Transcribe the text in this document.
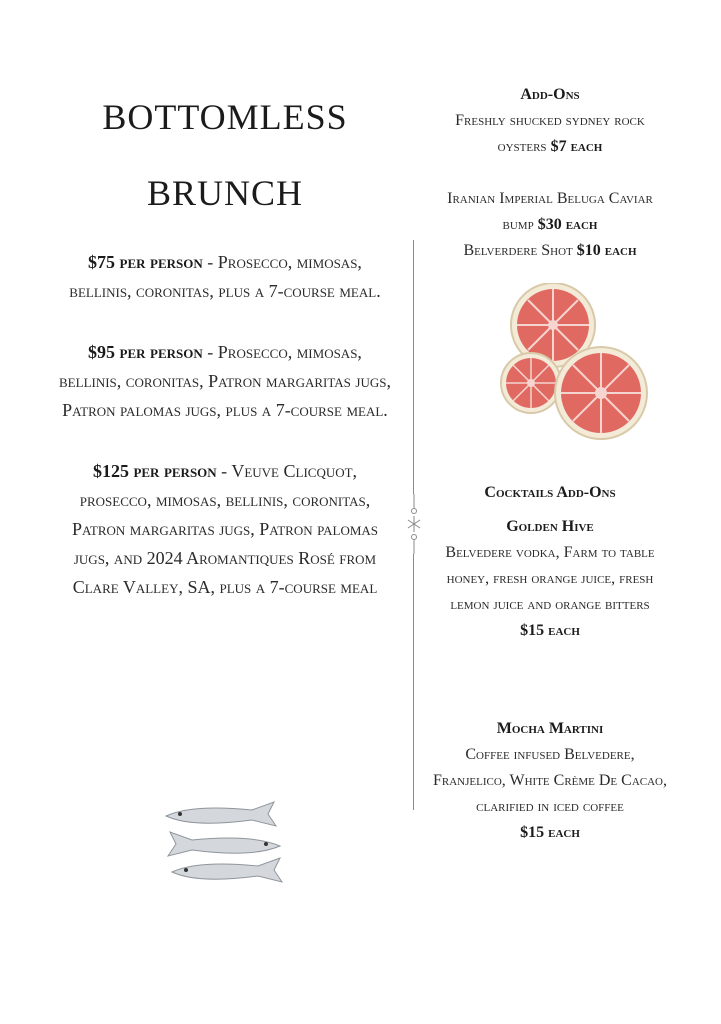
BOTTOMLESS
BRUNCH

$75 per person - Prosecco, mimosas, bellinis, coronitas, plus a 7-course meal.

$95 per person - Prosecco, mimosas, bellinis, coronitas, Patron margaritas jugs, Patron palomas jugs, plus a 7-course meal.

$125 per person - Veuve Clicquot, prosecco, mimosas, bellinis, coronitas, Patron margaritas jugs, Patron palomas jugs, and 2024 Aromantiques Rosé from Clare Valley, SA, plus a 7-course meal

Add-Ons

Freshly shucked sydney rock oysters $7 each

Iranian Imperial Beluga Caviar bump $30 each

Belverdere Shot $10 each

Cocktails Add-Ons

Golden Hive

Belvedere vodka, Farm to table honey, fresh orange juice, fresh lemon juice and orange bitters

$15 each

Mocha Martini

Coffee infused Belvedere, Franjelico, White Crème De Cacao, clarified in iced coffee

$15 each
